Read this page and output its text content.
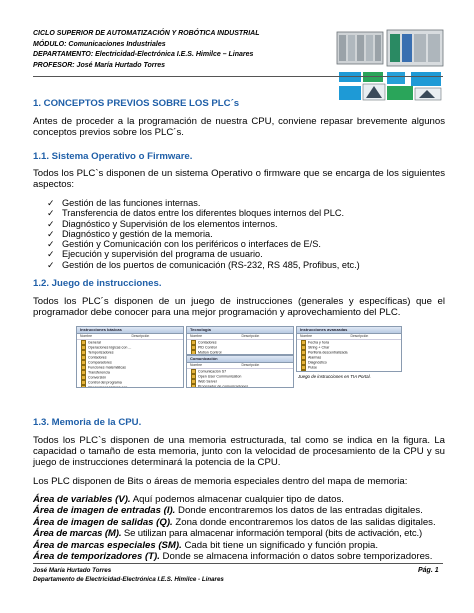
CICLO SUPERIOR DE AUTOMATIZACIÓN Y ROBÓTICA INDUSTRIAL
MÓDULO: Comunicaciones Industriales
DEPARTAMENTO: Electricidad-Electrónica I.E.S. Himilce – Linares
PROFESOR: José María Hurtado Torres
1. CONCEPTOS PREVIOS SOBRE LOS PLC´s

Antes de proceder a la programación de nuestra CPU, conviene repasar brevemente algunos conceptos previos sobre los PLC´s.

1.1. Sistema Operativo o Firmware.

Todos los PLC`s disponen de un sistema Operativo o firmware que se encarga de los siguientes aspectos:

✓ Gestión de las funciones internas.
✓ Transferencia de datos entre los diferentes bloques internos del PLC.
✓ Diagnóstico y Supervisión de los elementos internos.
✓ Diagnóstico y gestión de la memoria.
✓ Gestión y Comunicación con los periféricos o interfaces de E/S.
✓ Ejecución y supervisión del programa de usuario.
✓ Gestión de los puertos de comunicación (RS-232, RS 485, Profibus, etc.)
1.2. Juego de instrucciones.

Todos los PLC´s disponen de un juego de instrucciones (generales y específicas) que el programador debe conocer para una mejor programación y aprovechamiento del PLC.

Instrucciones básicas
Nombre	Descripción
General
Operaciones lógicas con ...
Temporizadores
Contadores
Comparadores
Funciones matemáticas
Transferencia
Conversión
Control del programa
Operaciones lógicas con ...
Tecnología
Nombre	Descripción
Contadores
PID Control
Motion Control
Comunicación
Nombre	Descripción
Comunicación S7
Open User Communication
Web Server
Procesador de comunicaciones
Instrucciones avanzadas
Nombre	Descripción
Fecha y hora
String + Char
Periferia descentralizada
Alarmas
Diagnóstico
Pulse
Juego de instrucciones en TIA Portal.
1.3. Memoria de la CPU.

Todos los PLC`s disponen de una memoria estructurada, tal como se indica en la figura. La capacidad o tamaño de esta memoria, junto con la velocidad de procesamiento de la CPU y su juego de instrucciones determinará la potencia de la CPU.

Los PLC disponen de Bits o áreas de memoria especiales dentro del mapa de memoria:

Área de variables (V). Aquí podemos almacenar cualquier tipo de datos.
Área de imagen de entradas (I). Donde encontraremos los datos de las entradas digitales.
Área de imagen de salidas (Q). Zona donde encontraremos los datos de las salidas digitales.
Área de marcas (M). Se utilizan para almacenar información temporal (bits de activación, etc.)
Área de marcas especiales (SM). Cada bit tiene un significado y función propia.
Área de temporizadores (T). Donde se almacena información o datos sobre temporizadores.
José María Hurtado Torres
Departamento de Electricidad-Electrónica I.E.S. Himilce - Linares
Pág. 1
